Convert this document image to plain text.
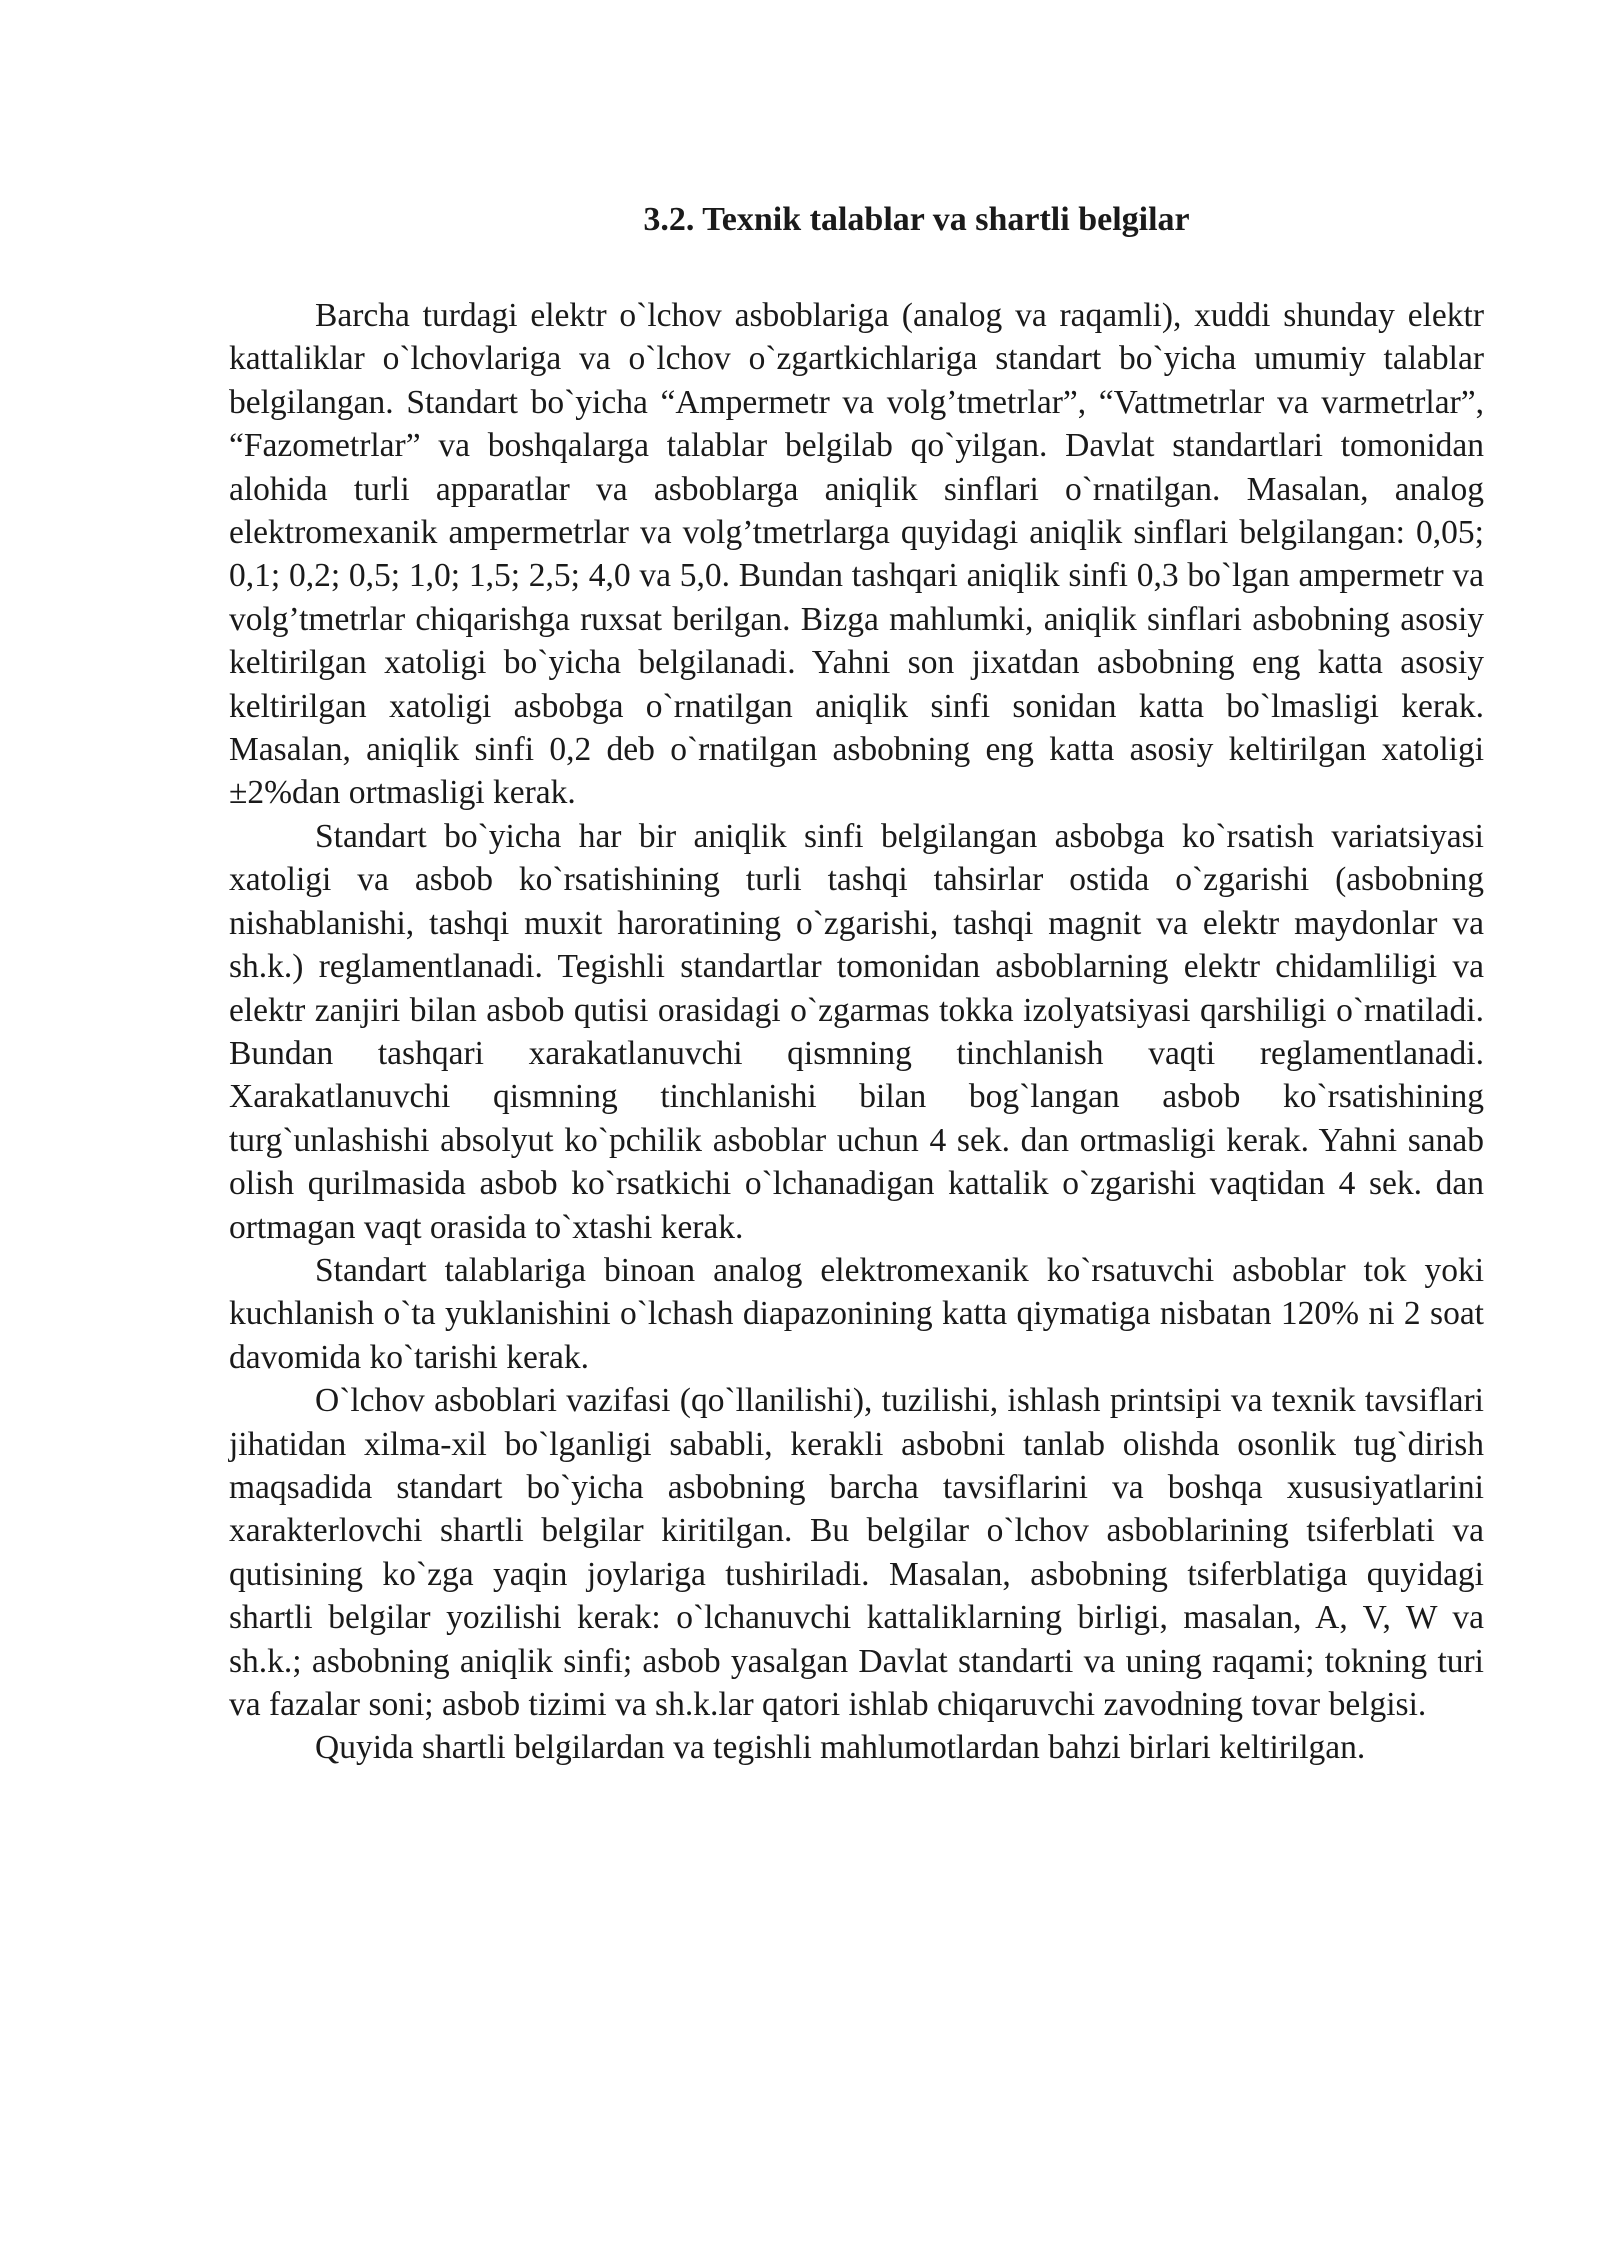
3.2. Texnik talablar va shartli belgilar

Barcha turdagi elektr o`lchov asboblariga (analog va raqamli), xuddi shunday elektr kattaliklar o`lchovlariga va o`lchov o`zgartkichlariga standart bo`yicha umumiy talablar belgilangan. Standart bo`yicha “Ampermetr va volg’tmetrlar”, “Vattmetrlar va varmetrlar”, “Fazometrlar” va boshqalarga talablar belgilab qo`yilgan. Davlat standartlari tomonidan alohida turli apparatlar va asboblarga aniqlik sinflari o`rnatilgan. Masalan, analog elektromexanik ampermetrlar va volg’tmetrlarga quyidagi aniqlik sinflari belgilangan: 0,05; 0,1; 0,2; 0,5; 1,0; 1,5; 2,5; 4,0 va 5,0. Bundan tashqari aniqlik sinfi 0,3 bo`lgan ampermetr va volg’tmetrlar chiqarishga ruxsat berilgan. Bizga mahlumki, aniqlik sinflari asbobning asosiy keltirilgan xatoligi bo`yicha belgilanadi. Yahni son jixatdan asbobning eng katta asosiy keltirilgan xatoligi asbobga o`rnatilgan aniqlik sinfi sonidan katta bo`lmasligi kerak. Masalan, aniqlik sinfi 0,2 deb o`rnatilgan asbobning eng katta asosiy keltirilgan xatoligi ±2%dan ortmasligi kerak.

Standart bo`yicha har bir aniqlik sinfi belgilangan asbobga ko`rsatish variatsiyasi xatoligi va asbob ko`rsatishining turli tashqi tahsirlar ostida o`zgarishi (asbobning nishablanishi, tashqi muxit haroratining o`zgarishi, tashqi magnit va elektr maydonlar va sh.k.) reglamentlanadi. Tegishli standartlar tomonidan asboblarning elektr chidamliligi va elektr zanjiri bilan asbob qutisi orasidagi o`zgarmas tokka izolyatsiyasi qarshiligi o`rnatiladi. Bundan tashqari xarakatlanuvchi qismning tinchlanish vaqti reglamentlanadi. Xarakatlanuvchi qismning tinchlanishi bilan bog`langan asbob ko`rsatishining turg`unlashishi absolyut ko`pchilik asboblar uchun 4 sek. dan ortmasligi kerak. Yahni sanab olish qurilmasida asbob ko`rsatkichi o`lchanadigan kattalik o`zgarishi vaqtidan 4 sek. dan ortmagan vaqt orasida to`xtashi kerak.

Standart talablariga binoan analog elektromexanik ko`rsatuvchi asboblar tok yoki kuchlanish o`ta yuklanishini o`lchash diapazonining katta qiymatiga nisbatan 120% ni 2 soat davomida ko`tarishi kerak.

O`lchov asboblari vazifasi (qo`llanilishi), tuzilishi, ishlash printsipi va texnik tavsiflari jihatidan xilma-xil bo`lganligi sababli, kerakli asbobni tanlab olishda osonlik tug`dirish maqsadida standart bo`yicha asbobning barcha tavsiflarini va boshqa xususiyatlarini xarakterlovchi shartli belgilar kiritilgan. Bu belgilar o`lchov asboblarining tsiferblati va qutisining ko`zga yaqin joylariga tushiriladi. Masalan, asbobning tsiferblatiga quyidagi shartli belgilar yozilishi kerak: o`lchanuvchi kattaliklarning birligi, masalan, A, V, W va sh.k.; asbobning aniqlik sinfi; asbob yasalgan Davlat standarti va uning raqami; tokning turi va fazalar soni; asbob tizimi va sh.k.lar qatori ishlab chiqaruvchi zavodning tovar belgisi.

Quyida shartli belgilardan va tegishli mahlumotlardan bahzi birlari keltirilgan.
